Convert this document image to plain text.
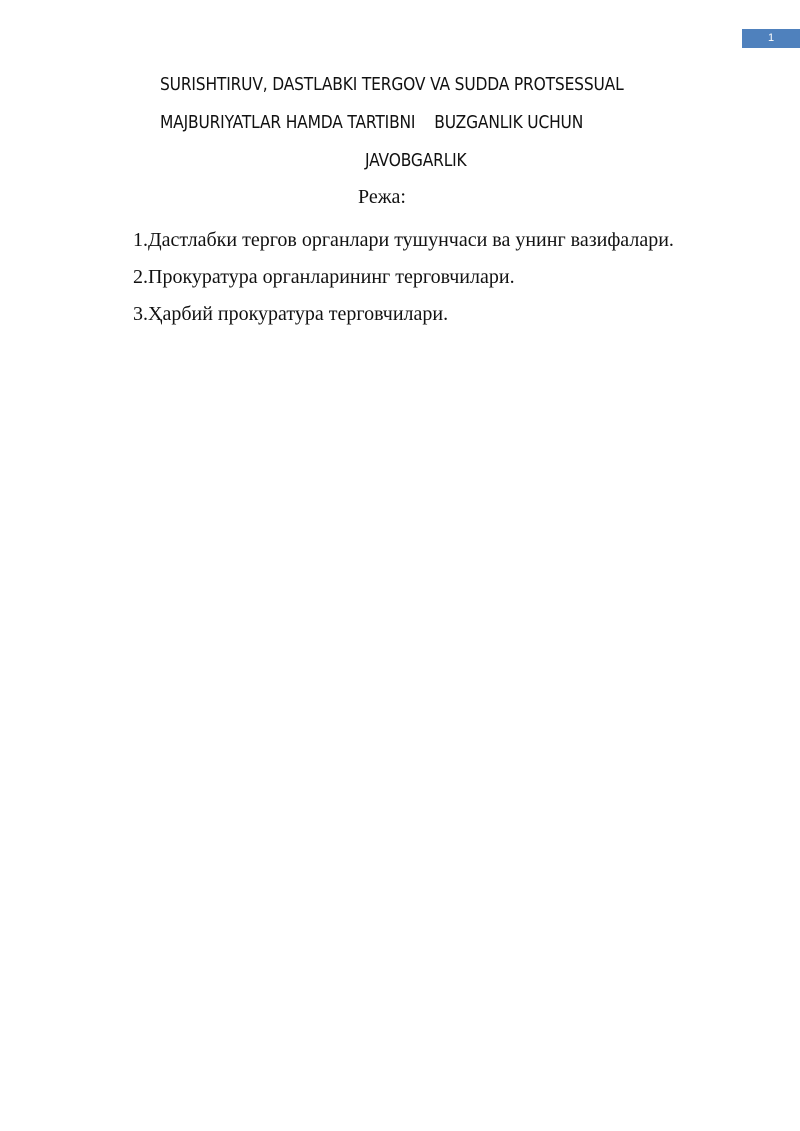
1
SURISHTIRUV, DASTLABKI TERGOV VA SUDDA PROTSESSUAL
MAJBURIYATLAR HAMDA TARTIBNI    BUZGANLIK UCHUN
JAVOBGARLIK
Режа:
1.Дастлабки тергов органлари тушунчаси ва унинг вазифалари.
2.Прокуратура органларининг терговчилари.
3.Ҳарбий прокуратура терговчилари.
